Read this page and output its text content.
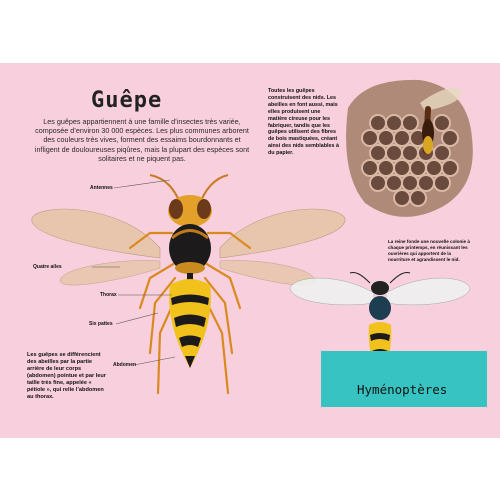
Guêpe
Les guêpes appartiennent à une famille d’insectes très variée, composée d’environ 30 000 espèces. Les plus communes arborent des couleurs très vives, forment des essaims bourdonnants et infligent de douloureuses piqûres, mais la plupart des espèces sont solitaires et ne piquent pas.
Antennes
Quatre ailes
Thorax
Six pattes
Abdomen
Les guêpes se différencient des abeilles par la partie arrière de leur corps (abdomen) pointue et par leur taille très fine, appelée « pétiole », qui relie l’abdomen au thorax.
Toutes les guêpes construisent des nids. Les abeilles en font aussi, mais elles produisent une matière cireuse pour les fabriquer, tandis que les guêpes utilisent des fibres de bois mastiquées, créant ainsi des nids semblables à du papier.
La reine fonde une nouvelle colonie à chaque printemps, en réunissant les ouvrières qui apportent de la nourriture et agrandissent le nid.
Hyménoptères
